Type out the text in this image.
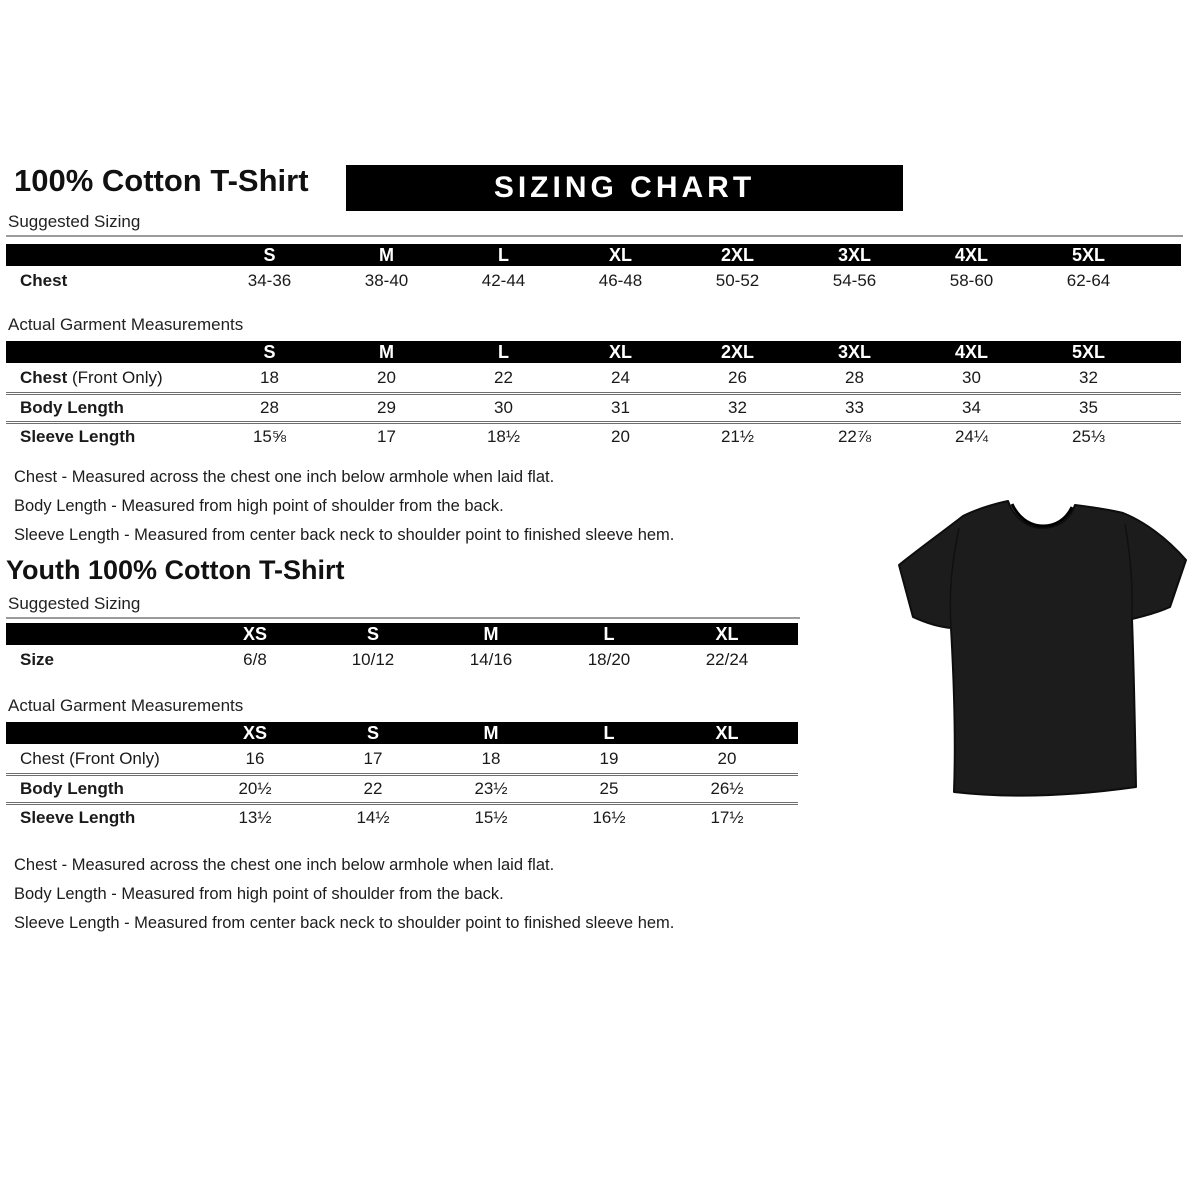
100% Cotton T-Shirt	SIZING CHART
Suggested Sizing
S	M	L	XL	2XL	3XL	4XL	5XL
Chest	34-36	38-40	42-44	46-48	50-52	54-56	58-60	62-64
Actual Garment Measurements
S	M	L	XL	2XL	3XL	4XL	5XL
Chest (Front Only)	18	20	22	24	26	28	30	32
Body Length	28	29	30	31	32	33	34	35
Sleeve Length	15⅝	17	18½	20	21½	22⅞	24¼	25⅓
Chest - Measured across the chest one inch below armhole when laid flat.
Body Length - Measured from high point of shoulder from the back.
Sleeve Length - Measured from center back neck to shoulder point to finished sleeve hem.
Youth 100% Cotton T-Shirt
Suggested Sizing
XS	S	M	L	XL
Size	6/8	10/12	14/16	18/20	22/24
Actual Garment Measurements
XS	S	M	L	XL
Chest (Front Only)	16	17	18	19	20
Body Length	20½	22	23½	25	26½
Sleeve Length	13½	14½	15½	16½	17½
Chest - Measured across the chest one inch below armhole when laid flat.
Body Length - Measured from high point of shoulder from the back.
Sleeve Length - Measured from center back neck to shoulder point to finished sleeve hem.
